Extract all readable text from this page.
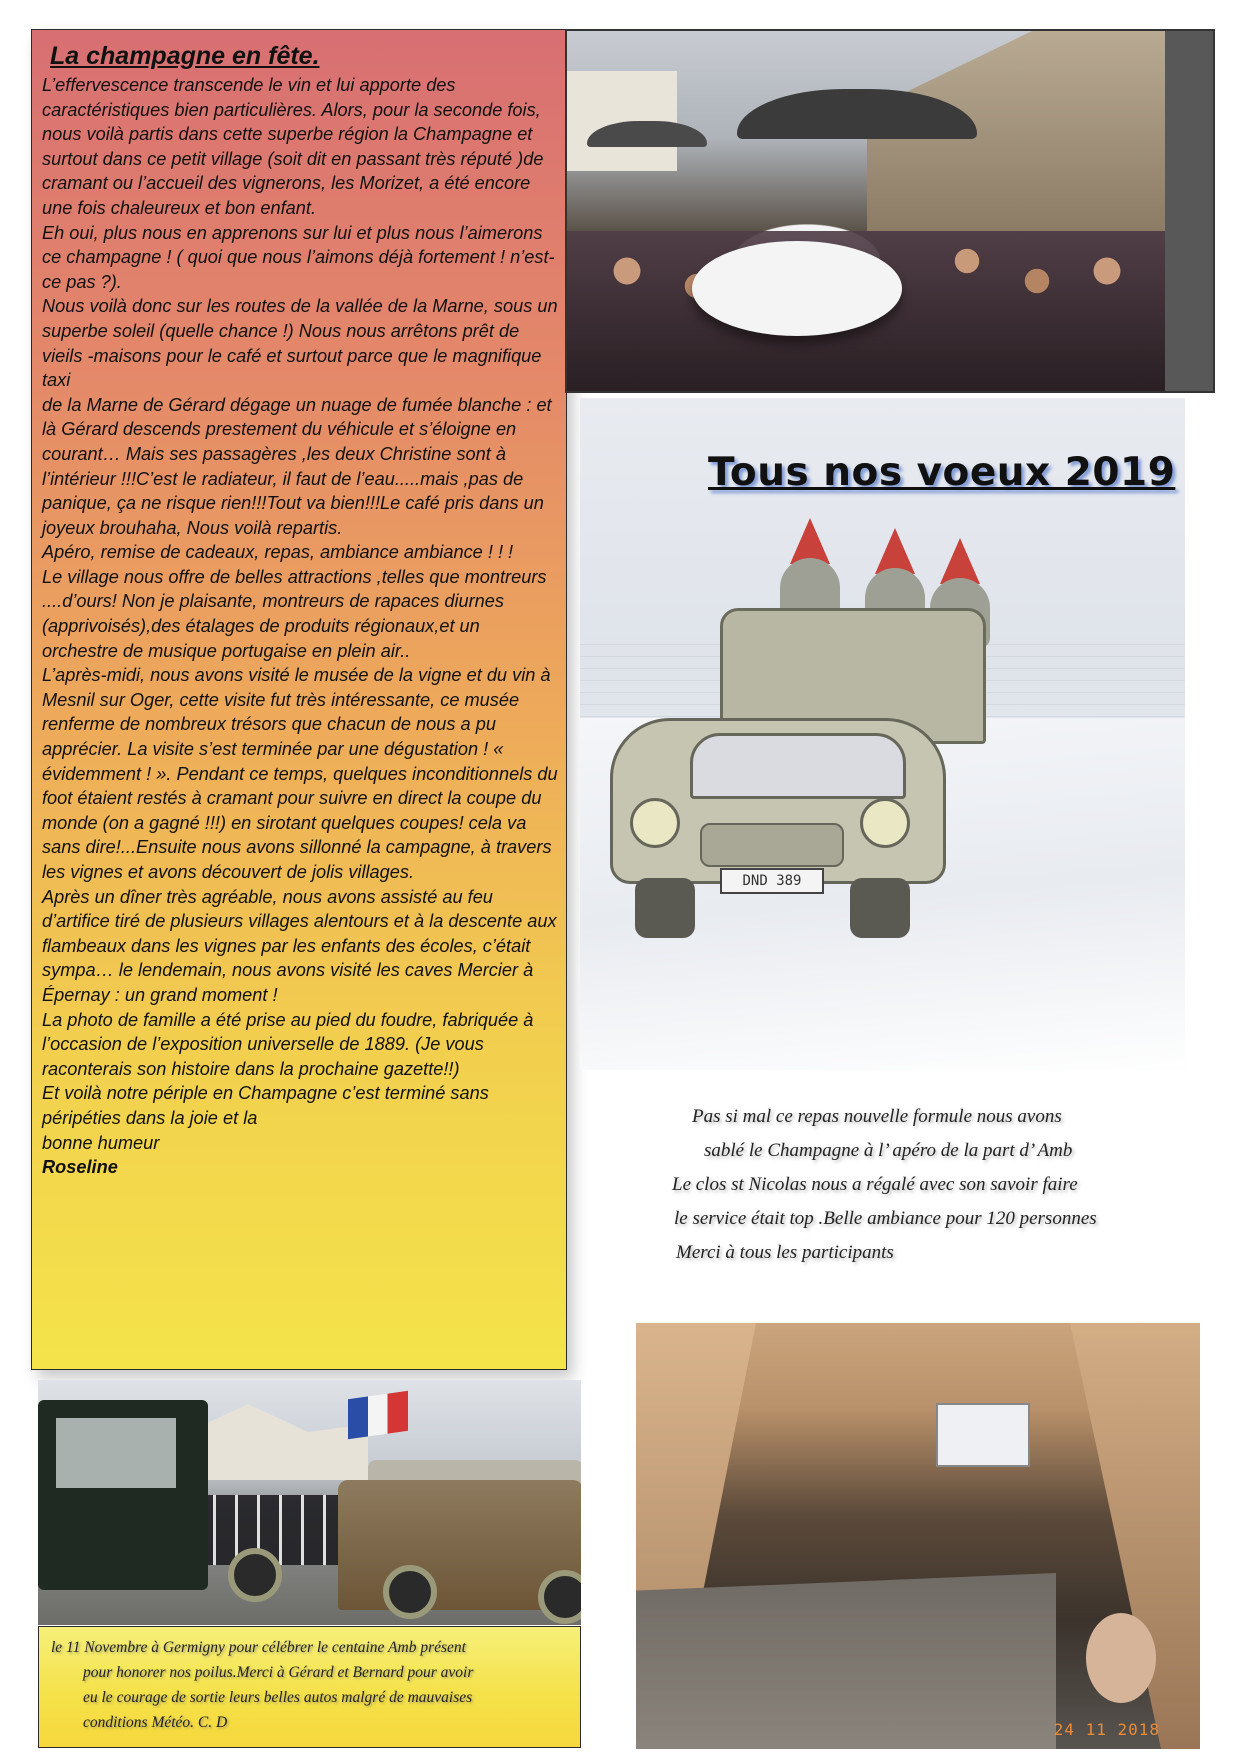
La champagne en fête.

L’effervescence transcende le vin et lui apporte des caractéristiques bien particulières. Alors, pour la seconde fois, nous voilà partis dans cette superbe région la Champagne et surtout dans ce petit village (soit dit en passant très réputé )de cramant ou l’accueil des vignerons, les Morizet, a été encore une fois chaleureux et bon enfant.

Eh oui, plus nous en apprenons sur lui et plus nous l’aimerons ce champagne ! ( quoi que nous l’aimons déjà fortement ! n’est-ce pas ?).

Nous voilà donc sur les routes de la vallée de la Marne, sous un superbe soleil (quelle chance !) Nous nous arrêtons prêt de vieils -maisons pour le café et surtout parce que le magnifique taxi

de la Marne de Gérard dégage un nuage de fumée blanche : et là Gérard descends prestement du véhicule et s’éloigne en courant… Mais ses passagères ,les deux Christine sont à l’intérieur !!!C’est le radiateur, il faut de l’eau.....mais ,pas de panique, ça ne risque rien!!!Tout va bien!!!Le café pris dans un joyeux brouhaha, Nous voilà repartis.

Apéro, remise de cadeaux, repas, ambiance ambiance ! ! !

Le village nous offre de belles attractions ,telles que montreurs ....d’ours! Non je plaisante, montreurs de rapaces diurnes (apprivoisés),des étalages de produits régionaux,et un orchestre de musique portugaise en plein air..

L’après-midi, nous avons visité le musée de la vigne et du vin à Mesnil sur Oger, cette visite fut très intéressante, ce musée renferme de nombreux trésors que chacun de nous a pu apprécier. La visite s’est terminée par une dégustation ! « évidemment ! ». Pendant ce temps, quelques inconditionnels du foot étaient restés à cramant pour suivre en direct la coupe du monde (on a gagné !!!) en sirotant quelques coupes! cela va sans dire!...Ensuite nous avons sillonné la campagne, à travers les vignes et avons découvert de jolis villages.

Après un dîner très agréable, nous avons assisté au feu d’artifice tiré de plusieurs villages alentours et à la descente aux flambeaux dans les vignes par les enfants des écoles, c’était sympa… le lendemain, nous avons visité les caves Mercier à Épernay : un grand moment !

La photo de famille a été prise au pied du foudre, fabriquée à l’occasion de l’exposition universelle de 1889. (Je vous raconterais son histoire dans la prochaine gazette!!)

Et voilà notre périple en Champagne c’est terminé sans péripéties dans la joie et la

bonne humeur

Roseline
DND 389
Tous nos voeux 2019
Pas si mal ce repas nouvelle formule nous avons
sablé le Champagne à l’ apéro de la part d’ Amb
Le clos st Nicolas nous a régalé avec son savoir faire
le service était top .Belle ambiance pour 120 personnes
Merci à tous les participants
le 11 Novembre à Germigny pour célébrer le centaine Amb présent
pour honorer nos poilus.Merci à Gérard et Bernard pour avoir
eu le courage de sortie leurs belles autos malgré de mauvaises
conditions Météo. C. D	24 11 2018
